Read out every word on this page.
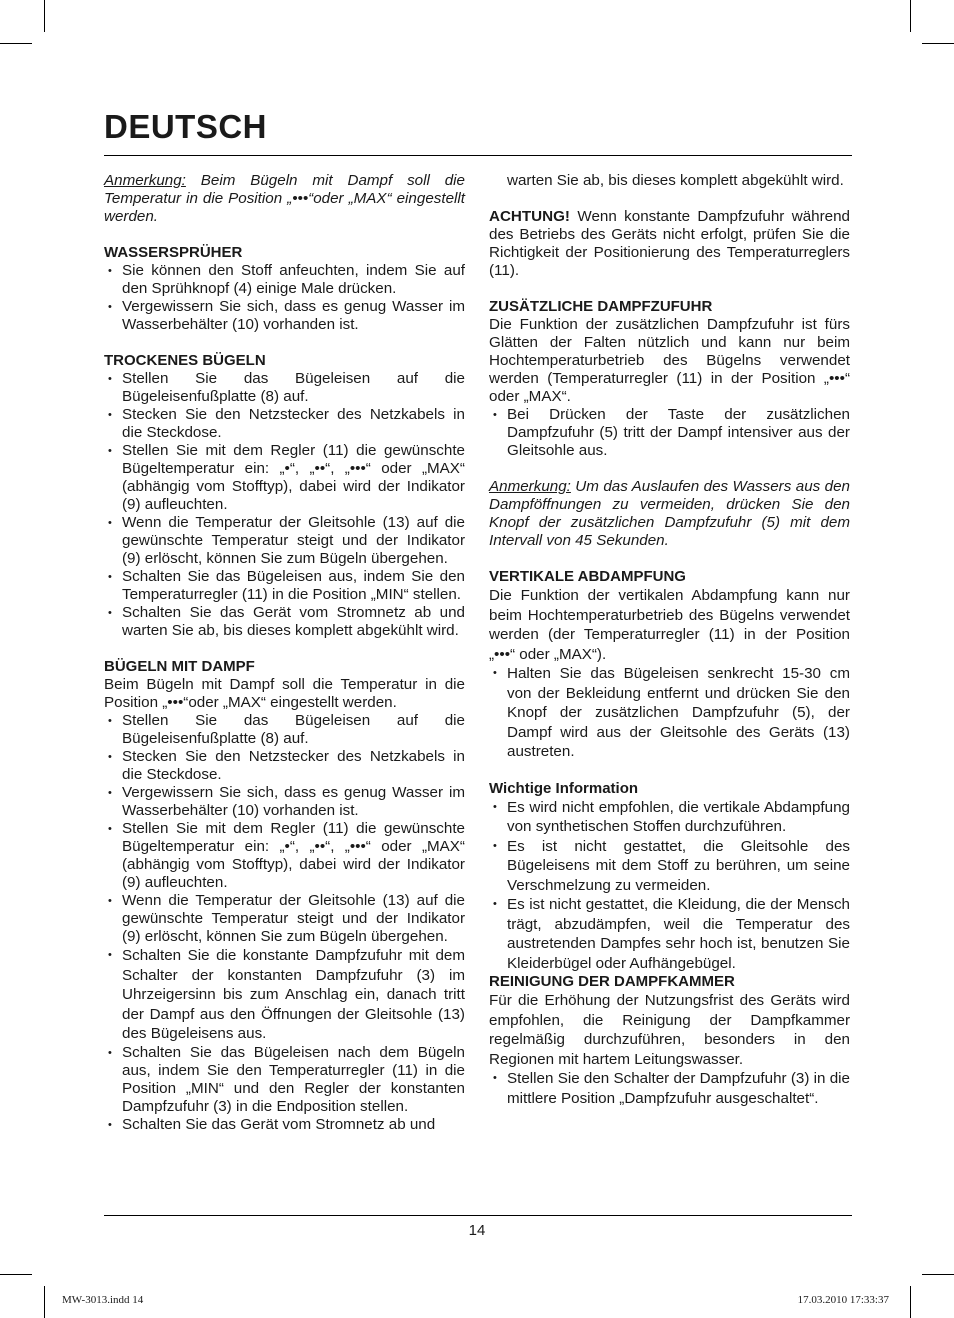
DEUTSCH

Anmerkung: Beim Bügeln mit Dampf soll die Temperatur in die Position „•••“oder „MAX“ eingestellt werden.

WASSERSPRÜHER
• Sie können den Stoff anfeuchten, indem Sie auf den Sprühknopf (4) einige Male drücken.
• Vergewissern Sie sich, dass es genug Wasser im Wasserbehälter (10) vorhanden ist.
TROCKENES BÜGELN
• Stellen Sie das Bügeleisen auf die Bügeleisenfußplatte (8) auf.
• Stecken Sie den Netzstecker des Netzkabels in die Steckdose.
• Stellen Sie mit dem Regler (11) die gewünschte Bügeltemperatur ein: „•“, „••“, „•••“ oder „MAX“ (abhängig vom Stofftyp), dabei wird der Indikator (9) aufleuchten.
• Wenn die Temperatur der Gleitsohle (13) auf die gewünschte Temperatur steigt und der Indikator (9) erlöscht, können Sie zum Bügeln übergehen.
• Schalten Sie das Bügeleisen aus, indem Sie den Temperaturregler (11) in die Position „MIN“ stellen.
• Schalten Sie das Gerät vom Stromnetz ab und warten Sie ab, bis dieses komplett abgekühlt wird.
BÜGELN MIT DAMPF

Beim Bügeln mit Dampf soll die Temperatur in die Position „•••“oder „MAX“ eingestellt werden.

• Stellen Sie das Bügeleisen auf die Bügeleisenfußplatte (8) auf.
• Stecken Sie den Netzstecker des Netzkabels in die Steckdose.
• Vergewissern Sie sich, dass es genug Wasser im Wasserbehälter (10) vorhanden ist.
• Stellen Sie mit dem Regler (11) die gewünschte Bügeltemperatur ein: „•“, „••“, „•••“ oder „MAX“ (abhängig vom Stofftyp), dabei wird der Indikator (9) aufleuchten.
• Wenn die Temperatur der Gleitsohle (13) auf die gewünschte Temperatur steigt und der Indikator (9) erlöscht, können Sie zum Bügeln übergehen.
• Schalten Sie die konstante Dampfzufuhr mit dem Schalter der konstanten Dampfzufuhr (3) im Uhrzeigersinn bis zum Anschlag ein, danach tritt der Dampf aus den Öffnungen der Gleitsohle (13) des Bügeleisens aus.
• Schalten Sie das Bügeleisen nach dem Bügeln aus, indem Sie den Temperaturregler (11) in die Position „MIN“ und den Regler der konstanten Dampfzufuhr (3) in die Endposition stellen.
• Schalten Sie das Gerät vom Stromnetz ab und

warten Sie ab, bis dieses komplett abgekühlt wird.

ACHTUNG! Wenn konstante Dampfzufuhr während des Betriebs des Geräts nicht erfolgt, prüfen Sie die Richtigkeit der Positionierung des Temperaturreglers (11).

ZUSÄTZLICHE DAMPFZUFUHR

Die Funktion der zusätzlichen Dampfzufuhr ist fürs Glätten der Falten nützlich und kann nur beim Hochtemperaturbetrieb des Bügelns verwendet werden (Temperaturregler (11) in der Position „•••“ oder „MAX“.

• Bei Drücken der Taste der zusätzlichen Dampfzufuhr (5) tritt der Dampf intensiver aus der Gleitsohle aus.

Anmerkung: Um das Auslaufen des Wassers aus den Dampföffnungen zu vermeiden, drücken Sie den Knopf der zusätzlichen Dampfzufuhr (5) mit dem Intervall von 45 Sekunden.

VERTIKALE ABDAMPFUNG

Die Funktion der vertikalen Abdampfung kann nur beim Hochtemperaturbetrieb des Bügelns verwendet werden (der Temperaturregler (11) in der Position „•••“ oder „MAX“).

• Halten Sie das Bügeleisen senkrecht 15-30 cm von der Bekleidung entfernt und drücken Sie den Knopf der zusätzlichen Dampfzufuhr (5), der Dampf wird aus der Gleitsohle des Geräts (13) austreten.
Wichtige Information
• Es wird nicht empfohlen, die vertikale Abdampfung von synthetischen Stoffen durchzuführen.
• Es ist nicht gestattet, die Gleitsohle des Bügeleisens mit dem Stoff zu berühren, um seine Verschmelzung zu vermeiden.
• Es ist nicht gestattet, die Kleidung, die der Mensch trägt, abzudämpfen, weil die Temperatur des austretenden Dampfes sehr hoch ist, benutzen Sie Kleiderbügel oder Aufhängebügel.
REINIGUNG DER DAMPFKAMMER

Für die Erhöhung der Nutzungsfrist des Geräts wird empfohlen, die Reinigung der Dampfkammer regelmäßig durchzuführen, besonders in den Regionen mit hartem Leitungswasser.

• Stellen Sie den Schalter der Dampfzufuhr (3) in die mittlere Position „Dampfzufuhr ausgeschaltet“.
14
MW-3013.indd 14	17.03.2010 17:33:37
